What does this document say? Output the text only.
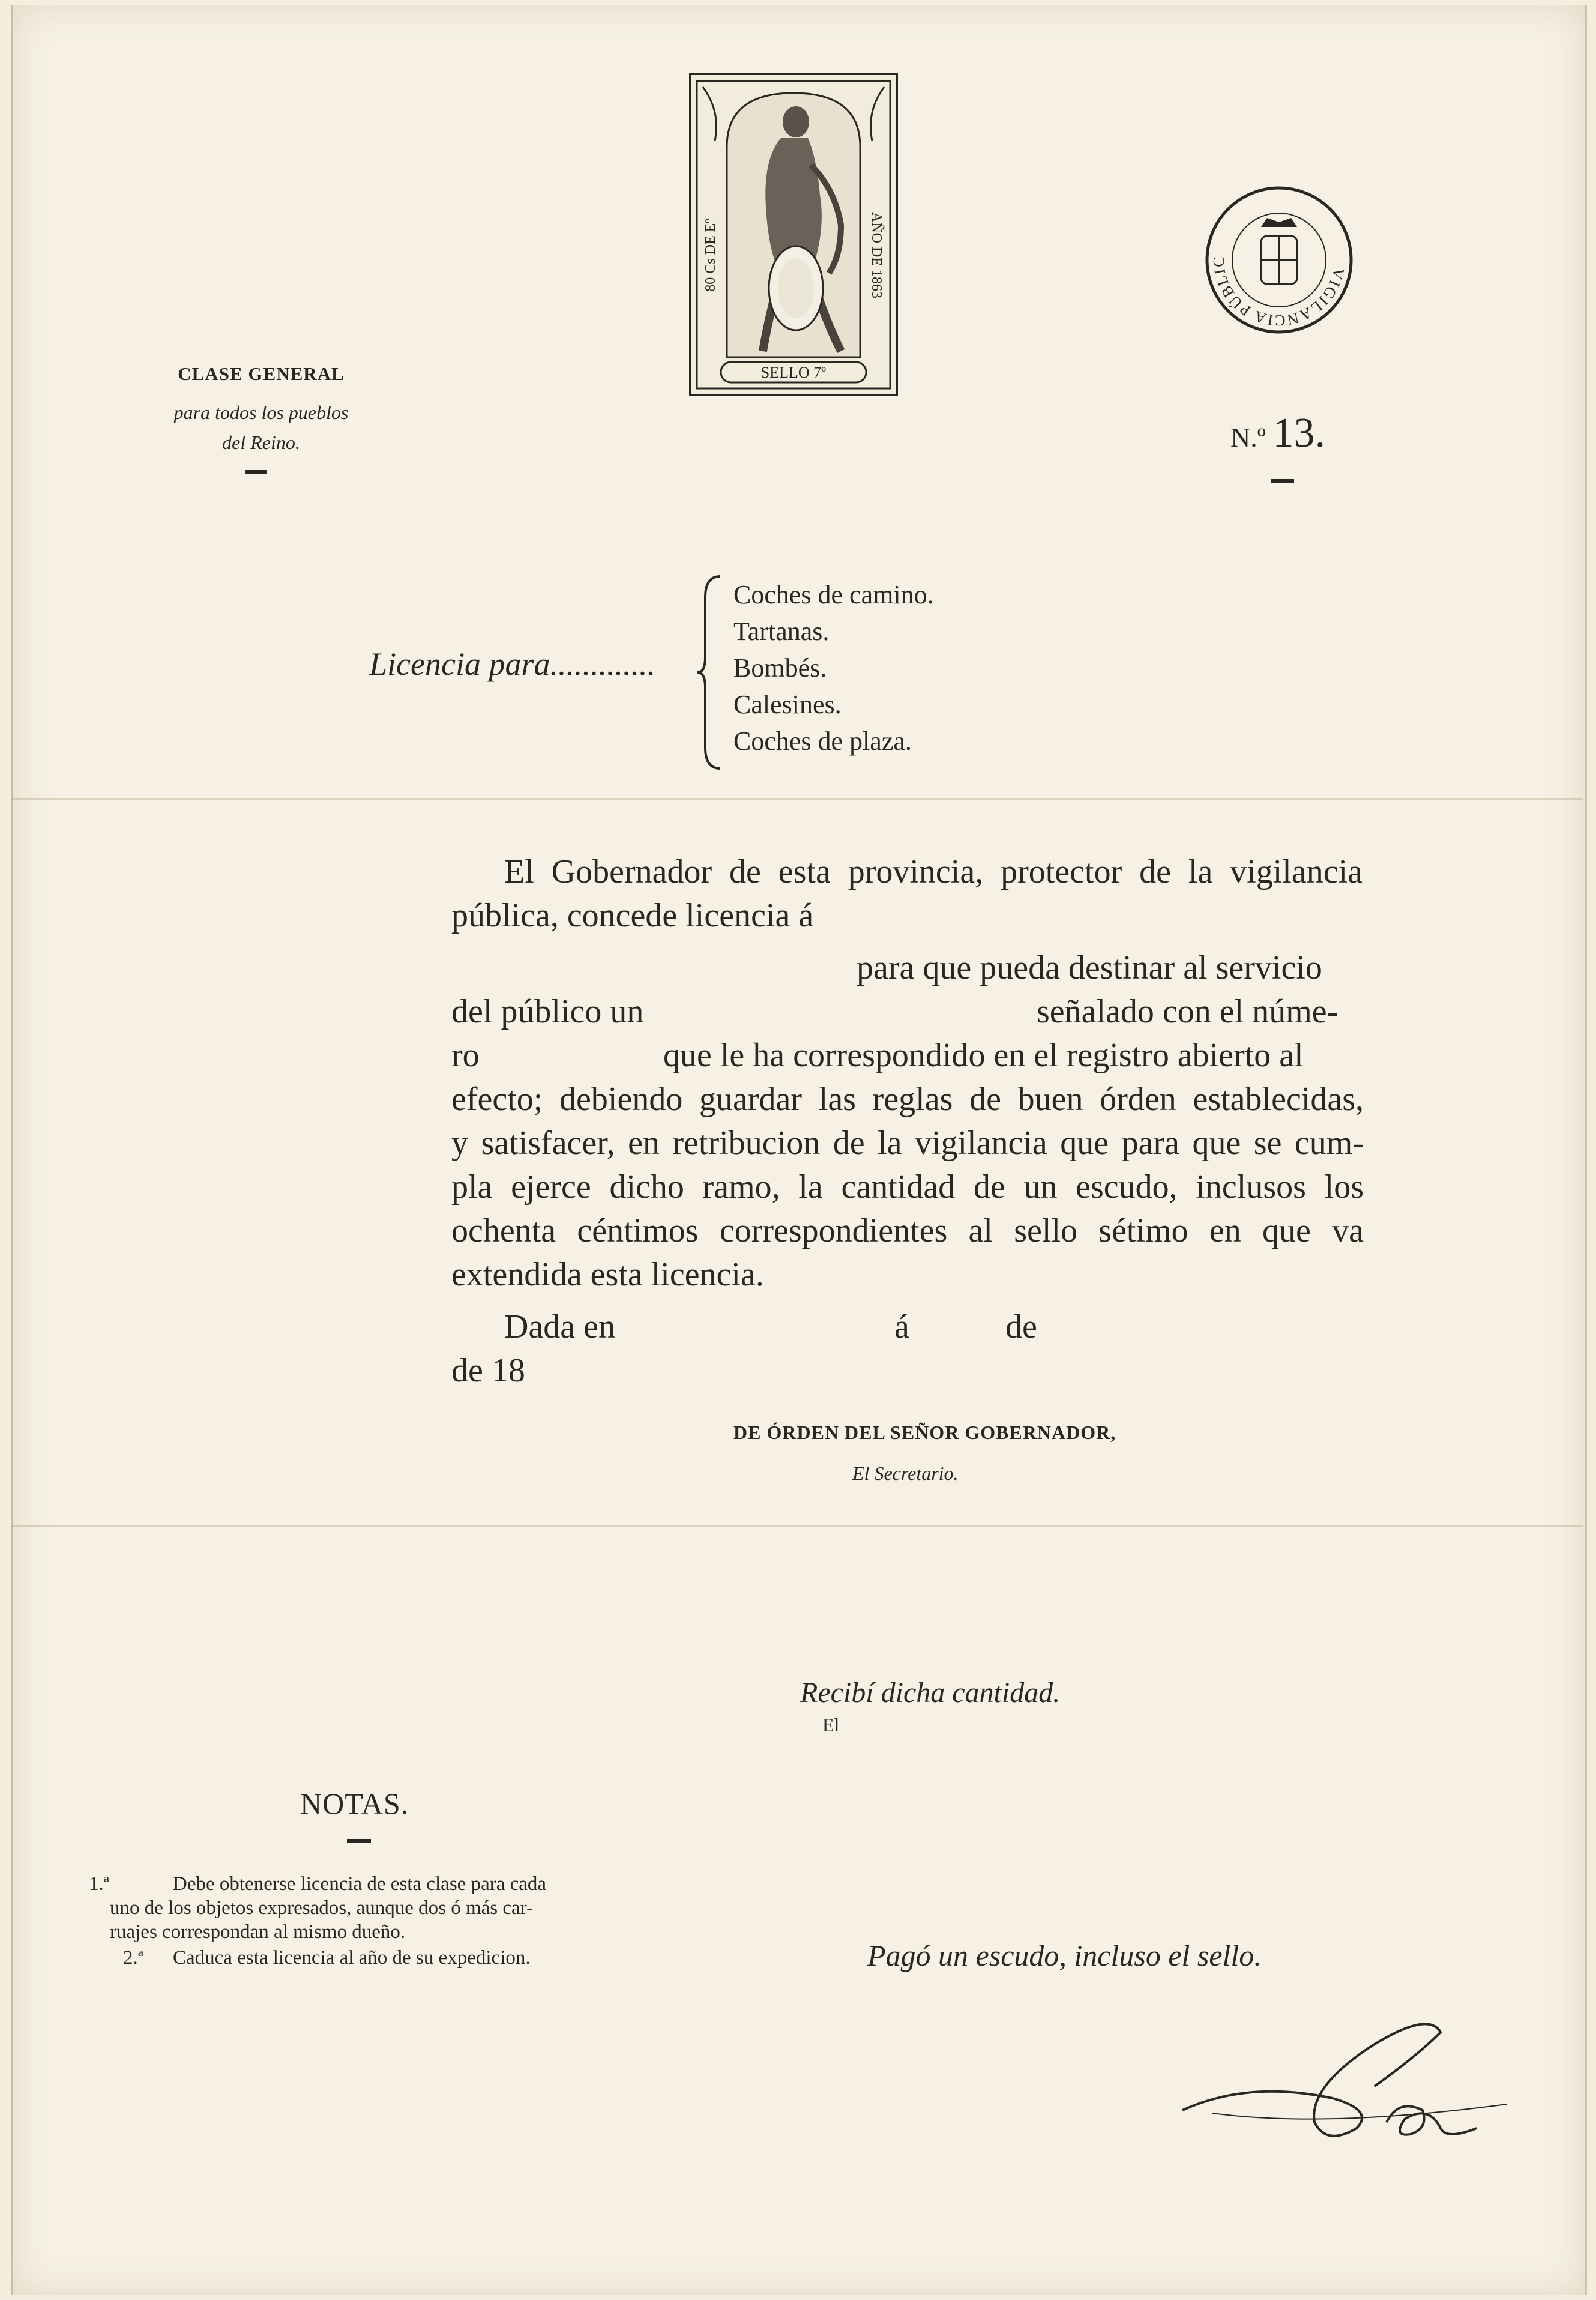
CLASE GENERAL
para todos los pueblos
del Reino.
80 Cs DE Eº	AÑO DE 1863
SELLO 7º
VIGILANCIA PÚBLIC
N.º 13.
Licencia para.............
Coches de camino.
Tartanas.
Bombés.
Calesines.
Coches de plaza.
El Gobernador de esta provincia, protector de la vigilancia
pública, concede licencia á
para que pueda destinar al servicio
del público un	señalado con el núme-
ro	que le ha correspondido en el registro abierto al
efecto; debiendo guardar las reglas de buen órden establecidas,
y satisfacer, en retribucion de la vigilancia que para que se cum-
pla ejerce dicho ramo, la cantidad de un escudo, inclusos los
ochenta céntimos correspondientes al sello sétimo en que va
extendida esta licencia.
Dada en	á	de
de 18
DE ÓRDEN DEL SEÑOR GOBERNADOR,
El Secretario.
Recibí dicha cantidad.
El
NOTAS.
1.ª	Debe obtenerse licencia de esta clase para cada
uno de los objetos expresados, aunque dos ó más car-
ruajes correspondan al mismo dueño.
2.ª Caduca esta licencia al año de su expedicion.	Pagó un escudo, incluso el sello.
